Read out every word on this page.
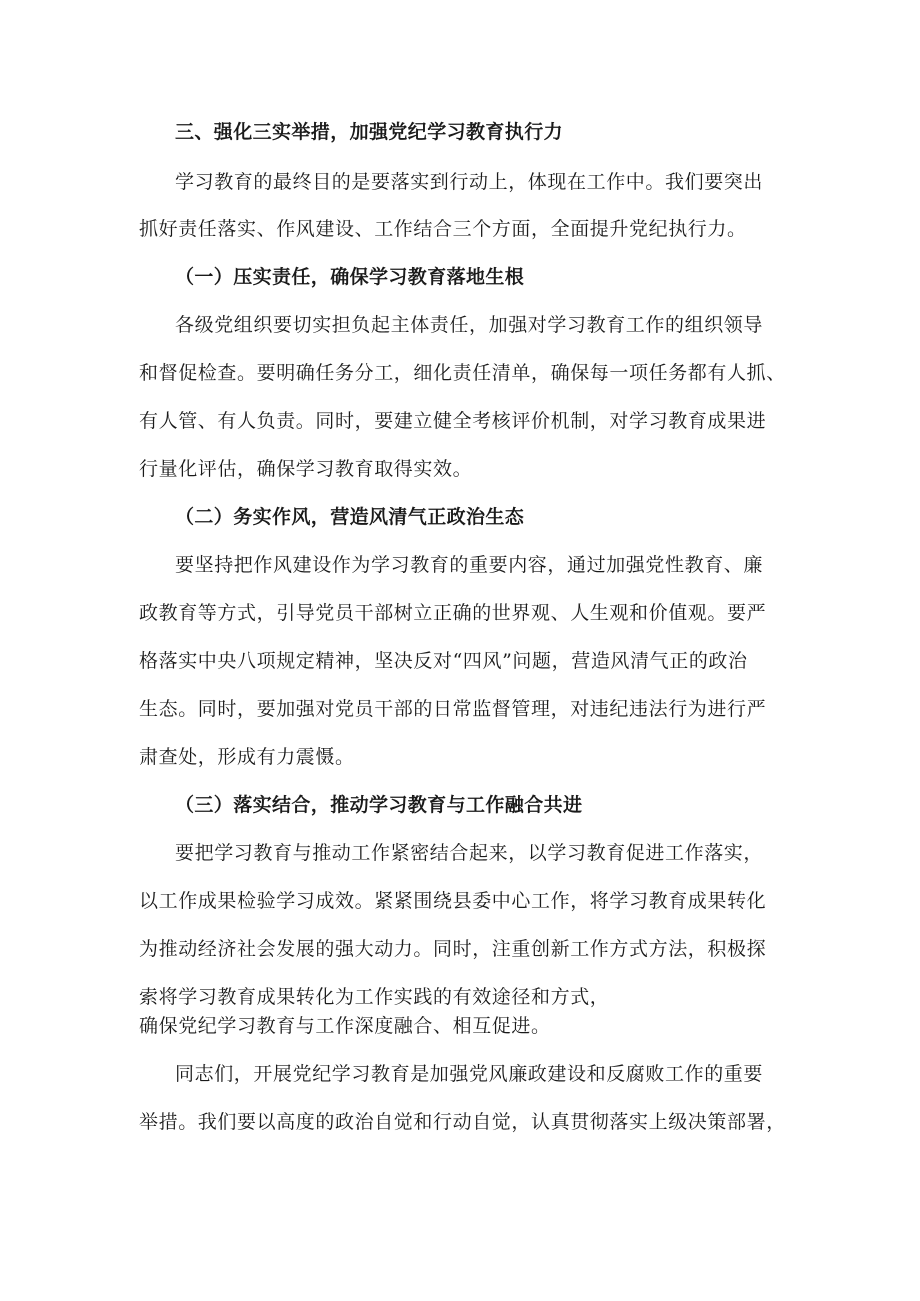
三、强化三实举措，加强党纪学习教育执行力
学习教育的最终目的是要落实到行动上，体现在工作中。我们要突出
抓好责任落实、作风建设、工作结合三个方面，全面提升党纪执行力。
（一）压实责任，确保学习教育落地生根
各级党组织要切实担负起主体责任，加强对学习教育工作的组织领导
和督促检查。要明确任务分工，细化责任清单，确保每一项任务都有人抓、
有人管、有人负责。同时，要建立健全考核评价机制，对学习教育成果进
行量化评估，确保学习教育取得实效。
（二）务实作风，营造风清气正政治生态
要坚持把作风建设作为学习教育的重要内容，通过加强党性教育、廉
政教育等方式，引导党员干部树立正确的世界观、人生观和价值观。要严
格落实中央八项规定精神，坚决反对“四风”问题，营造风清气正的政治
生态。同时，要加强对党员干部的日常监督管理，对违纪违法行为进行严
肃查处，形成有力震慑。
（三）落实结合，推动学习教育与工作融合共进
要把学习教育与推动工作紧密结合起来，以学习教育促进工作落实，
以工作成果检验学习成效。紧紧围绕县委中心工作，将学习教育成果转化
为推动经济社会发展的强大动力。同时，注重创新工作方式方法，积极探
索将学习教育成果转化为工作实践的有效途径和方式，
确保党纪学习教育与工作深度融合、相互促进。
同志们，开展党纪学习教育是加强党风廉政建设和反腐败工作的重要
举措。我们要以高度的政治自觉和行动自觉，认真贯彻落实上级决策部署，
